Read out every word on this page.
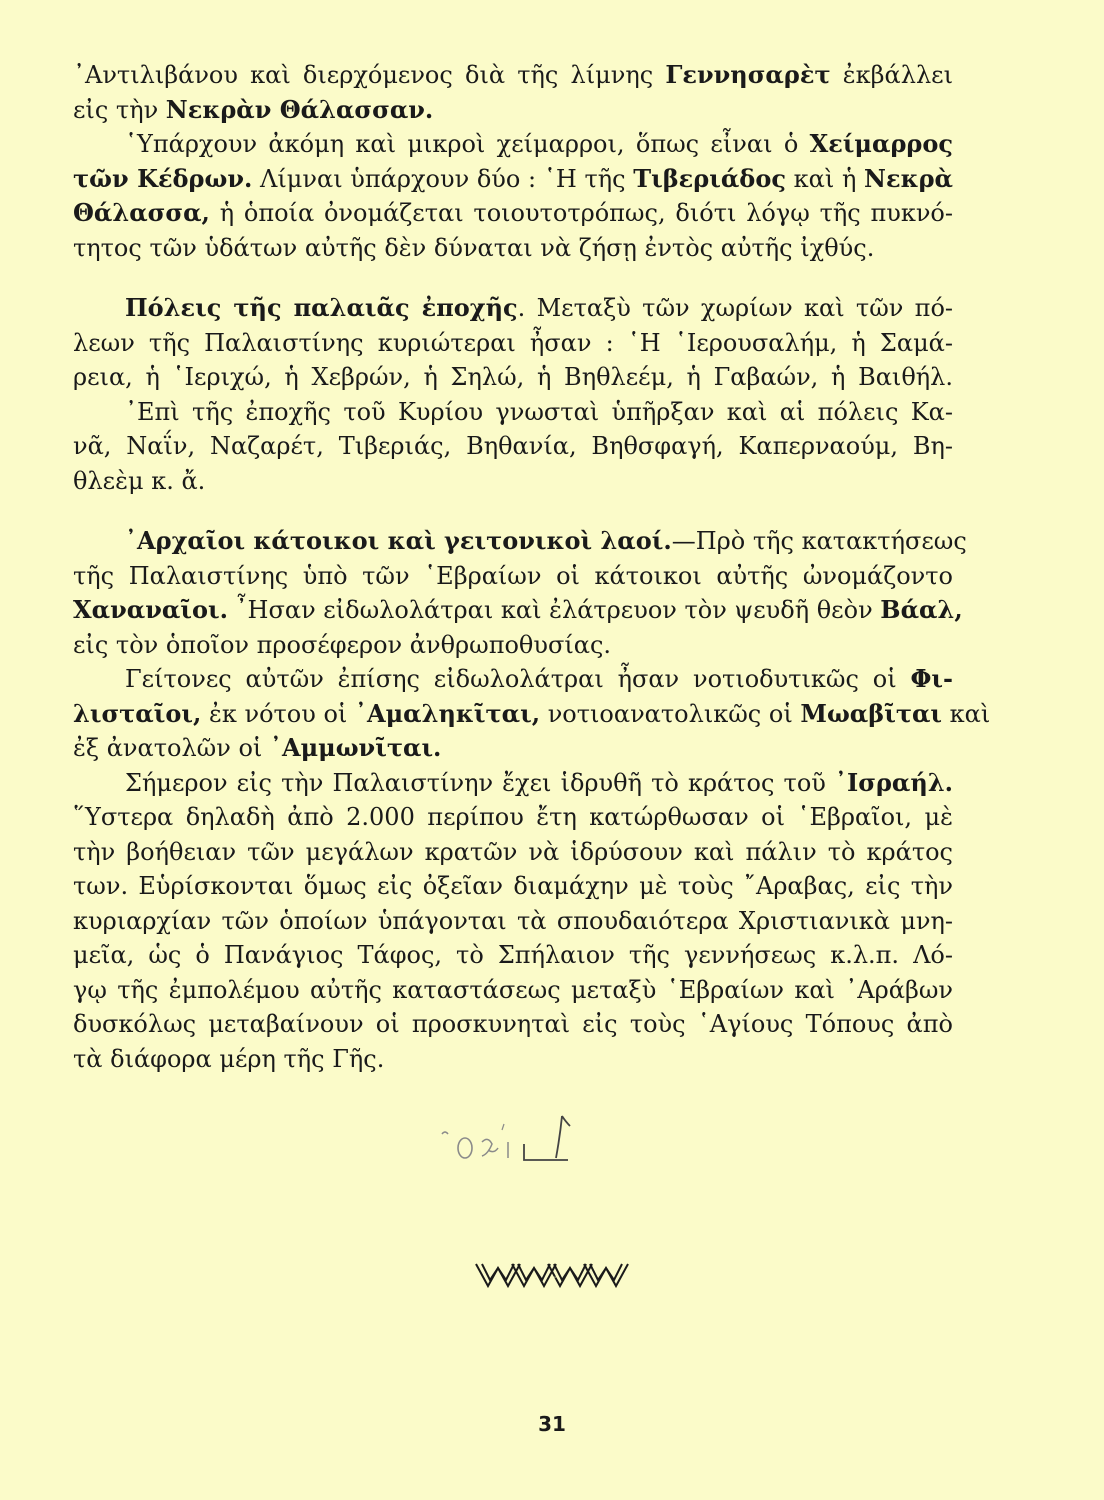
᾽Αντιλιβάνου καὶ διερχόμενος διὰ τῆς λίμνης Γεννησαρὲτ ἐκβάλλει
εἰς τὴν Νεκρὰν Θάλασσαν.
῾Υπάρχουν ἀκόμη καὶ μικροὶ χείμαρροι, ὅπως εἶναι ὁ Χείμαρρος
τῶν Κέδρων. Λίμναι ὑπάρχουν δύο : ῾Η τῆς Τιβεριάδος καὶ ἡ Νεκρὰ
Θάλασσα, ἡ ὁποία ὀνομάζεται τοιουτοτρόπως, διότι λόγῳ τῆς πυκνό-
τητος τῶν ὑδάτων αὐτῆς δὲν δύναται νὰ ζήσῃ ἐντὸς αὐτῆς ἰχθύς.
Πόλεις τῆς παλαιᾶς ἐποχῆς. Μεταξὺ τῶν χωρίων καὶ τῶν πό-
λεων τῆς Παλαιστίνης κυριώτεραι ἦσαν : ῾Η ῾Ιερουσαλήμ, ἡ Σαμά-
ρεια, ἡ ῾Ιεριχώ, ἡ Χεβρών, ἡ Σηλώ, ἡ Βηθλεέμ, ἡ Γαβαών, ἡ Βαιθήλ.
᾽Επὶ τῆς ἐποχῆς τοῦ Κυρίου γνωσταὶ ὑπῆρξαν καὶ αἱ πόλεις Κα-
νᾶ, Ναΐν, Ναζαρέτ, Τιβεριάς, Βηθανία, Βηθσφαγή, Καπερναούμ, Βη-
θλεὲμ κ. ἄ.
᾽Αρχαῖοι κάτοικοι καὶ γειτονικοὶ λαοί.—Πρὸ τῆς κατακτήσεως
τῆς Παλαιστίνης ὑπὸ τῶν ῾Εβραίων οἱ κάτοικοι αὐτῆς ὠνομάζοντο
Χαναναῖοι. ῏Ησαν εἰδωλολάτραι καὶ ἐλάτρευον τὸν ψευδῆ θεὸν Βάαλ,
εἰς τὸν ὁποῖον προσέφερον ἀνθρωποθυσίας.
Γείτονες αὐτῶν ἐπίσης εἰδωλολάτραι ἦσαν νοτιοδυτικῶς οἱ Φι-
λισταῖοι, ἐκ νότου οἱ ᾽Αμαληκῖται, νοτιοανατολικῶς οἱ Μωαβῖται καὶ
ἐξ ἀνατολῶν οἱ ᾽Αμμωνῖται.
Σήμερον εἰς τὴν Παλαιστίνην ἔχει ἱδρυθῆ τὸ κράτος τοῦ ᾽Ισραήλ.
῞Υστερα δηλαδὴ ἀπὸ 2.000 περίπου ἔτη κατώρθωσαν οἱ ῾Εβραῖοι, μὲ
τὴν βοήθειαν τῶν μεγάλων κρατῶν νὰ ἱδρύσουν καὶ πάλιν τὸ κράτος
των. Εὑρίσκονται ὅμως εἰς ὀξεῖαν διαμάχην μὲ τοὺς ῎Αραβας, εἰς τὴν
κυριαρχίαν τῶν ὁποίων ὑπάγονται τὰ σπουδαιότερα Χριστιανικὰ μνη-
μεῖα, ὡς ὁ Πανάγιος Τάφος, τὸ Σπήλαιον τῆς γεννήσεως κ.λ.π. Λό-
γῳ τῆς ἐμπολέμου αὐτῆς καταστάσεως μεταξὺ ῾Εβραίων καὶ ᾽Αράβων
δυσκόλως μεταβαίνουν οἱ προσκυνηταὶ εἰς τοὺς ῾Αγίους Τόπους ἀπὸ
τὰ διάφορα μέρη τῆς Γῆς.
WWW
31
